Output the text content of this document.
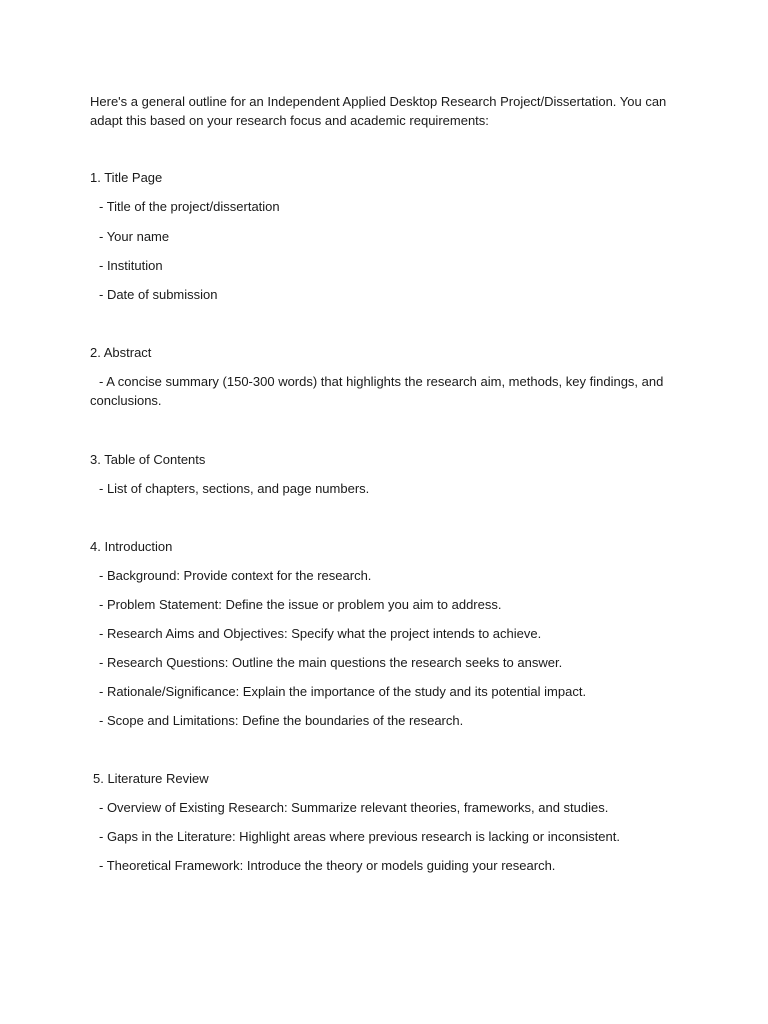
Here's a general outline for an Independent Applied Desktop Research Project/Dissertation. You can
adapt this based on your research focus and academic requirements:
1. Title Page
- Title of the project/dissertation
- Your name
- Institution
- Date of submission
2. Abstract
- A concise summary (150-300 words) that highlights the research aim, methods, key findings, and
conclusions.
3. Table of Contents
- List of chapters, sections, and page numbers.
4. Introduction
- Background: Provide context for the research.
- Problem Statement: Define the issue or problem you aim to address.
- Research Aims and Objectives: Specify what the project intends to achieve.
- Research Questions: Outline the main questions the research seeks to answer.
- Rationale/Significance: Explain the importance of the study and its potential impact.
- Scope and Limitations: Define the boundaries of the research.
5. Literature Review
- Overview of Existing Research: Summarize relevant theories, frameworks, and studies.
- Gaps in the Literature: Highlight areas where previous research is lacking or inconsistent.
- Theoretical Framework: Introduce the theory or models guiding your research.
